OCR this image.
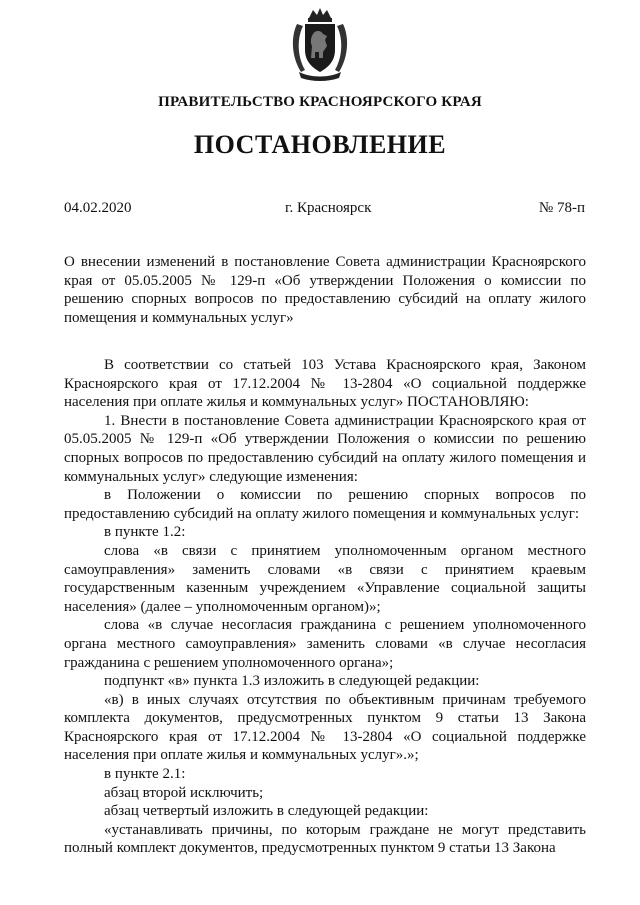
ПРАВИТЕЛЬСТВО КРАСНОЯРСКОГО КРАЯ
ПОСТАНОВЛЕНИЕ
04.02.2020	г. Красноярск	№ 78-п
О внесении изменений в постановление Совета администрации Красноярского края от 05.05.2005 № 129-п «Об утверждении Положения о комиссии по решению спорных вопросов по предоставлению субсидий на оплату жилого помещения и коммунальных услуг»

В соответствии со статьей 103 Устава Красноярского края, Законом Красноярского края от 17.12.2004 № 13-2804 «О социальной поддержке населения при оплате жилья и коммунальных услуг» ПОСТАНОВЛЯЮ:

1. Внести в постановление Совета администрации Красноярского края от 05.05.2005 № 129-п «Об утверждении Положения о комиссии по решению спорных вопросов по предоставлению субсидий на оплату жилого помещения и коммунальных услуг» следующие изменения:

в Положении о комиссии по решению спорных вопросов по предоставлению субсидий на оплату жилого помещения и коммунальных услуг:

в пункте 1.2:

слова «в связи с принятием уполномоченным органом местного самоуправления» заменить словами «в связи с принятием краевым государственным казенным учреждением «Управление социальной защиты населения» (далее – уполномоченным органом)»;

слова «в случае несогласия гражданина с решением уполномоченного органа местного самоуправления» заменить словами «в случае несогласия гражданина с решением уполномоченного органа»;

подпункт «в» пункта 1.3 изложить в следующей редакции:

«в) в иных случаях отсутствия по объективным причинам требуемого комплекта документов, предусмотренных пунктом 9 статьи 13 Закона Красноярского края от 17.12.2004 № 13-2804 «О социальной поддержке населения при оплате жилья и коммунальных услуг».»;

в пункте 2.1:

абзац второй исключить;

абзац четвертый изложить в следующей редакции:

«устанавливать причины, по которым граждане не могут представить полный комплект документов, предусмотренных пунктом 9 статьи 13 Закона
